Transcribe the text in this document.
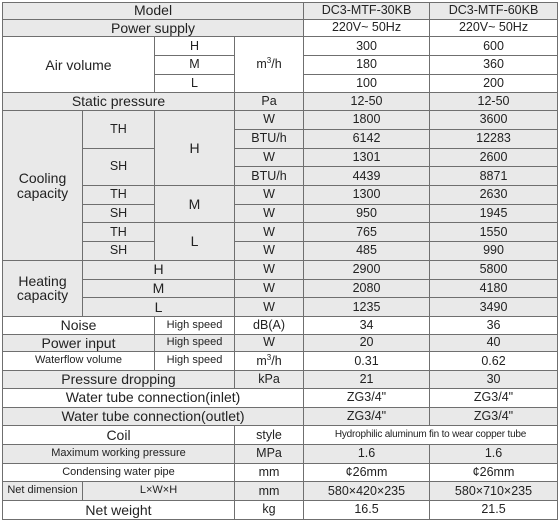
Model				DC3-MTF-30KB	DC3-MTF-60KB
Power supply				220V~ 50Hz	220V~ 50Hz
Air volume		H	$m^3/h$	300	600
		M		180	360
		L		100	200
Static pressure			Pa	12-50	12-50
Cooling
capacity	TH	H	W	1800	3600
			BTU/h	6142	12283
	SH		W	1301	2600
			BTU/h	4439	8871
	TH	M	W	1300	2630
	SH		W	950	1945
	TH	L	W	765	1550
	SH		W	485	990
Heating
capacity	H		W	2900	5800
	M		W	2080	4180
	L		W	1235	3490
Noise		High speed	dB(A)	34	36
Power input		High speed	W	20	40
Waterflow volume		High speed	$m^3/h$	0.31	0.62
Pressure dropping			kPa	21	30
Water tube connection(inlet)				ZG3/4"	ZG3/4"
Water tube connection(outlet)				ZG3/4"	ZG3/4"
Coil			style	Hydrophilic aluminum fin to wear copper tube	
Maximum working pressure			MPa	1.6	1.6
Condensing water pipe			mm	¢26mm	¢26mm
Net dimension	L×W×H		mm	580×420×235	580×710×235
Net weight			kg	16.5	21.5
